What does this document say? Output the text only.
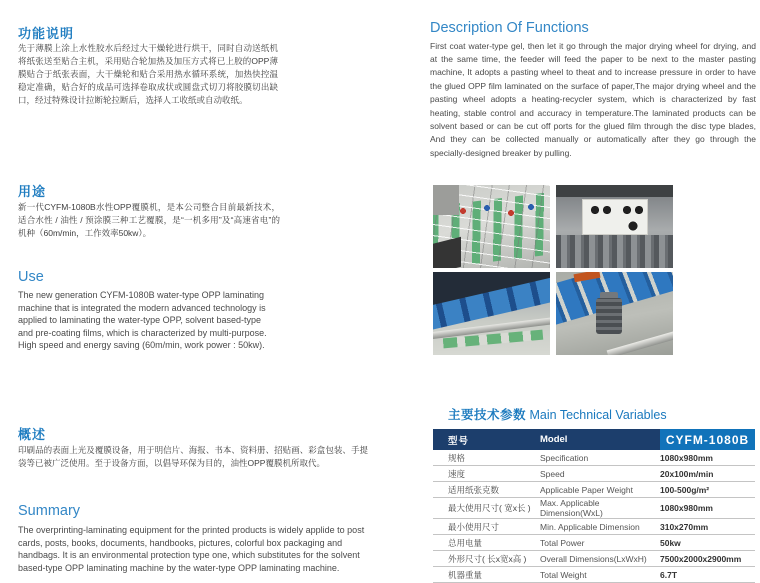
功能说明

先于薄膜上涂上水性胶水后经过大干燥轮进行烘干，同时自动送纸机将纸张送至贴合主机，采用贴合轮加热及加压方式将已上胶的OPP薄膜贴合于纸张表面，大干燥轮和贴合采用热水循环系统，加热快控温稳定准确，贴合好的成品可选择卷取成状或圆盘式切刀将胶膜切出缺口，经过特殊设计拉断轮拉断后，选择人工收纸或自动收纸。

用途

新一代CYFM-1080B水性OPP覆膜机，是本公司整合目前最新技术，适合水性 / 油性 / 预涂膜三种工艺覆膜，是“一机多用”及“高速省电”的机种（60m/min，工作效率50kw）。

Use

The new generation CYFM-1080B water-type OPP laminating machine that is integrated the modern advanced technology is applied to laminating the water-type OPP, solvent based-type and pre-coating films, which is characterized by multi-purpose. High speed and energy saving (60m/min, work power : 50kw).

概述

印刷品的表面上光及覆膜设备，用于明信片、海报、书本、资料册、招贴画、彩盒包装、手提袋等已被广泛使用。至于设备方面，以倡导环保为目的，油性OPP覆膜机所取代。

Summary

The overprinting-laminating equipment for the printed products is widely applide to post cards, posts, books, documents, handbooks, pictures, colorful box packaging and handbags. It is an environmental protection type one, which substitutes for the solvent based-type OPP laminating machine by the water-type OPP laminating machine.

Description Of Functions

First coat water-type gel, then let it go through the major drying wheel for drying, and at the same time, the feeder will feed the paper to be next to the master pasting machine, It adopts a pasting wheel to theat and to increase pressure in order to have the glued OPP film laminated on the surface of paper,The major drying wheel and the pasting wheel adopts a heating-recycler system, which is characterized by fast heating, stable control and accuracy in temperature.The laminated products can be solvent based or can be cut off ports for the glued film through the disc type blades, And they can be collected manually or automatically after they go through the specially-designed breaker by pulling.

主要技术参数 Main Technical Variables
型号	Model	CYFM-1080B
规格	Specification	1080x980mm
速度	Speed	20x100m/min
适用纸张克数	Applicable Paper Weight	100-500g/m²
最大使用尺寸( 宽x长 )	Max. Applicable Dimension(WxL)	1080x980mm
最小使用尺寸	Min. Applicable Dimension	310x270mm
总用电量	Total Power	50kw
外形尺寸( 长x宽x高 )	Overall Dimensions(LxWxH)	7500x2000x2900mm
机器重量	Total Weight	6.7T
